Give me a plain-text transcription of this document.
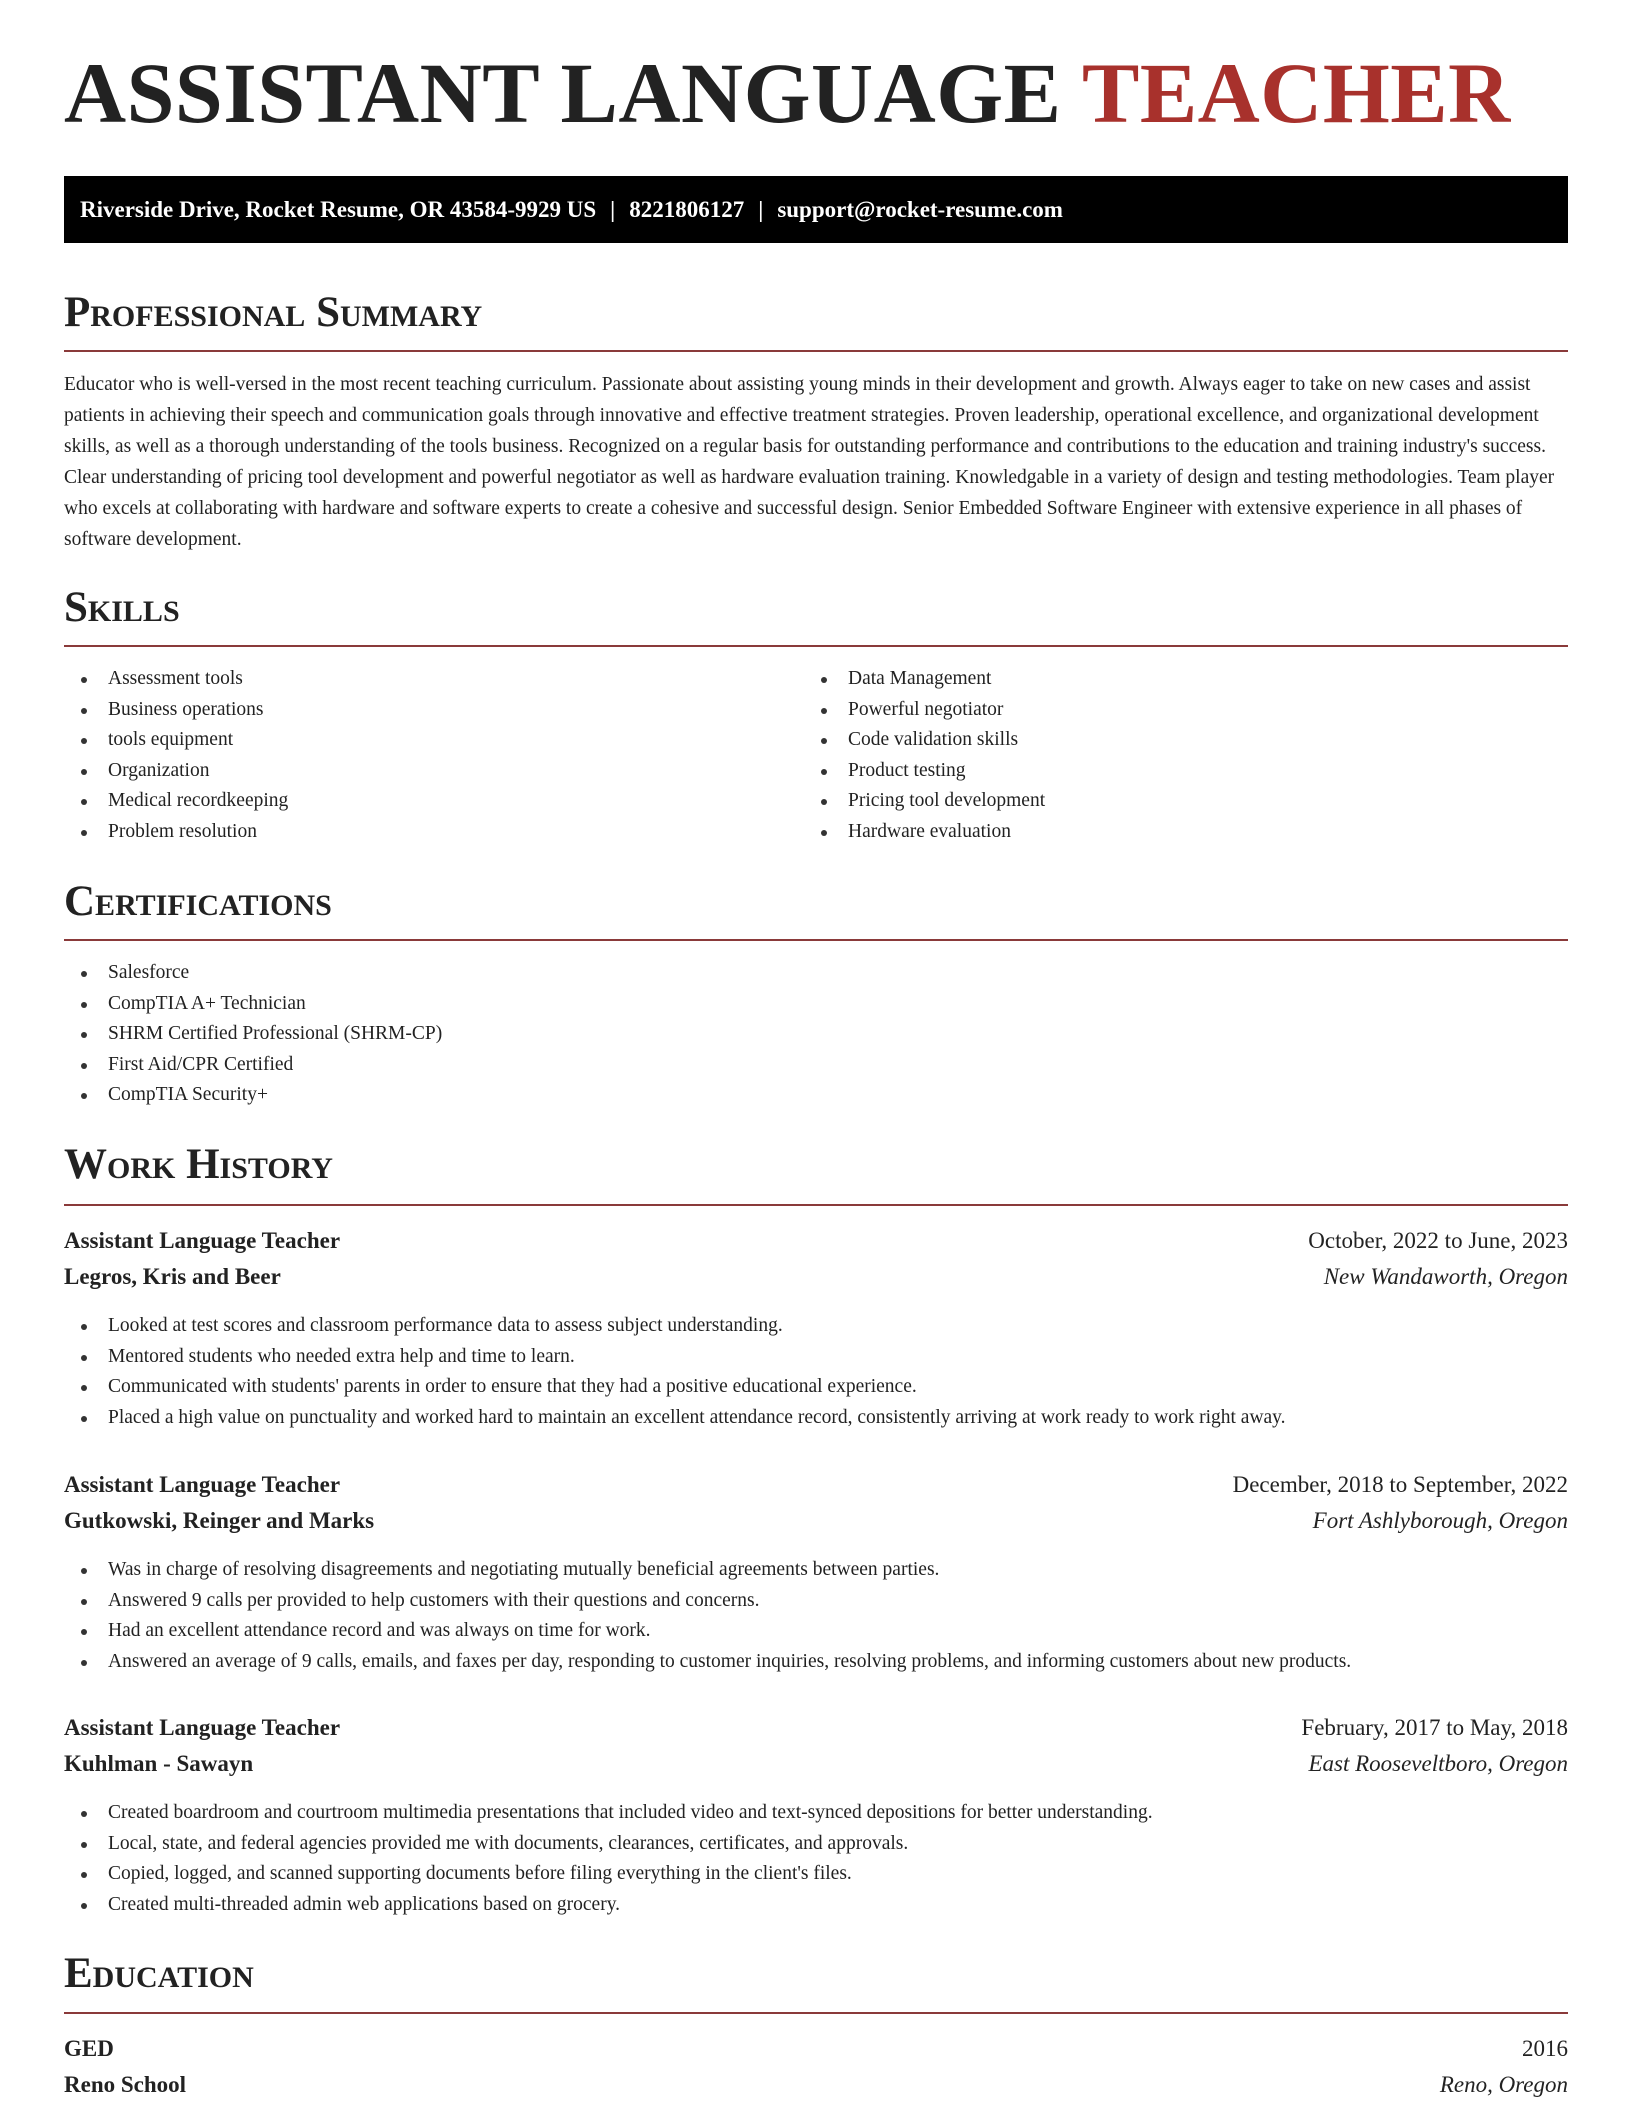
ASSISTANT LANGUAGE TEACHER
Riverside Drive, Rocket Resume, OR 43584-9929 US | 8221806127 | support@rocket-resume.com
Professional Summary

Educator who is well-versed in the most recent teaching curriculum. Passionate about assisting young minds in their development and growth. Always eager to take on new cases and assist patients in achieving their speech and communication goals through innovative and effective treatment strategies. Proven leadership, operational excellence, and organizational development skills, as well as a thorough understanding of the tools business. Recognized on a regular basis for outstanding performance and contributions to the education and training industry's success. Clear understanding of pricing tool development and powerful negotiator as well as hardware evaluation training. Knowledgable in a variety of design and testing methodologies. Team player who excels at collaborating with hardware and software experts to create a cohesive and successful design. Senior Embedded Software Engineer with extensive experience in all phases of software development.

Skills
Assessment tools
Business operations
tools equipment
Organization
Medical recordkeeping
Problem resolution
Data Management
Powerful negotiator
Code validation skills
Product testing
Pricing tool development
Hardware evaluation
Certifications
Salesforce
CompTIA A+ Technician
SHRM Certified Professional (SHRM-CP)
First Aid/CPR Certified
CompTIA Security+
Work History
Assistant Language Teacher	October, 2022 to June, 2023
Legros, Kris and Beer	New Wandaworth, Oregon
Looked at test scores and classroom performance data to assess subject understanding.
Mentored students who needed extra help and time to learn.
Communicated with students' parents in order to ensure that they had a positive educational experience.
Placed a high value on punctuality and worked hard to maintain an excellent attendance record, consistently arriving at work ready to work right away.
Assistant Language Teacher	December, 2018 to September, 2022
Gutkowski, Reinger and Marks	Fort Ashlyborough, Oregon
Was in charge of resolving disagreements and negotiating mutually beneficial agreements between parties.
Answered 9 calls per provided to help customers with their questions and concerns.
Had an excellent attendance record and was always on time for work.
Answered an average of 9 calls, emails, and faxes per day, responding to customer inquiries, resolving problems, and informing customers about new products.
Assistant Language Teacher	February, 2017 to May, 2018
Kuhlman - Sawayn	East Rooseveltboro, Oregon
Created boardroom and courtroom multimedia presentations that included video and text-synced depositions for better understanding.
Local, state, and federal agencies provided me with documents, clearances, certificates, and approvals.
Copied, logged, and scanned supporting documents before filing everything in the client's files.
Created multi-threaded admin web applications based on grocery.
Education
GED	2016
Reno School	Reno, Oregon
